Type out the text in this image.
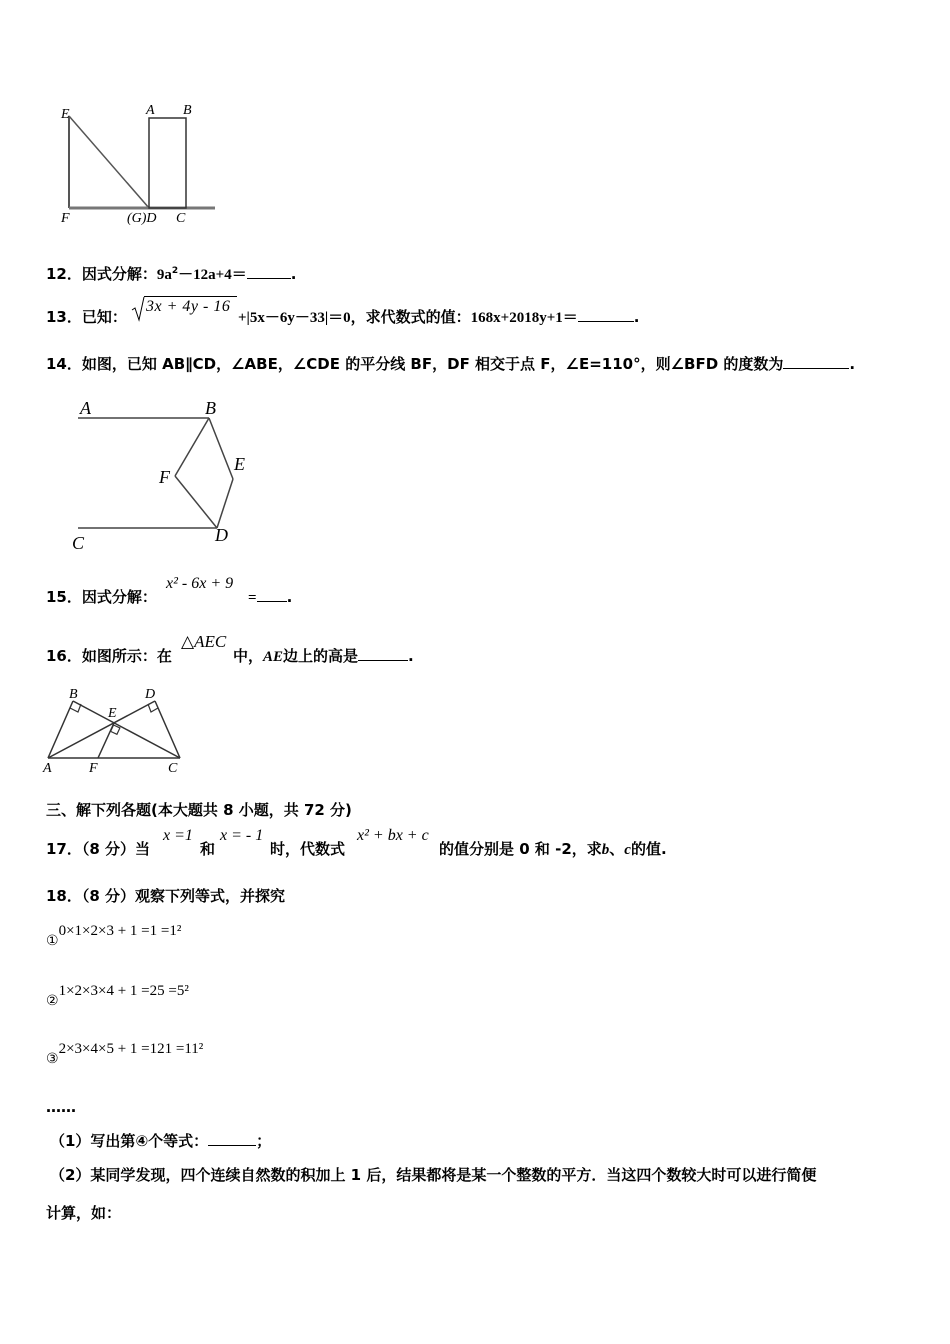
E	A B
F	(G)D C
12．因式分解：$9a^2-12a+4=$	.
13．已知：
3x + 4y - 16
+|5x－6y－33|＝0，求代数式的值：168x+2018y+1＝	.
14．如图，已知 AB∥CD，∠ABE，∠CDE 的平分线 BF，DF 相交于点 F，∠E=110°，则∠BFD 的度数为	.
A	B
F
E
C	D
15．因式分解：
x² - 6x + 9
= .
16．如图所示：在
△AEC
中，AE边上的高是	.
B	D
E
A	F	C
三、解下列各题(本大题共 8 小题，共 72 分)
17．（8 分）当
x =1
和
x = - 1
时，代数式
x² + bx + c
的值分别是 0 和 -2，求b、c的值.
18．（8 分）观察下列等式，并探究
①0×1×2×3 + 1 =1 =1²
②1×2×3×4 + 1 =25 =5²
③2×3×4×5 + 1 =121 =11²
……
（1）写出第④个等式：	；
（2）某同学发现，四个连续自然数的积加上 1 后，结果都将是某一个整数的平方．当这四个数较大时可以进行简便
计算，如：
